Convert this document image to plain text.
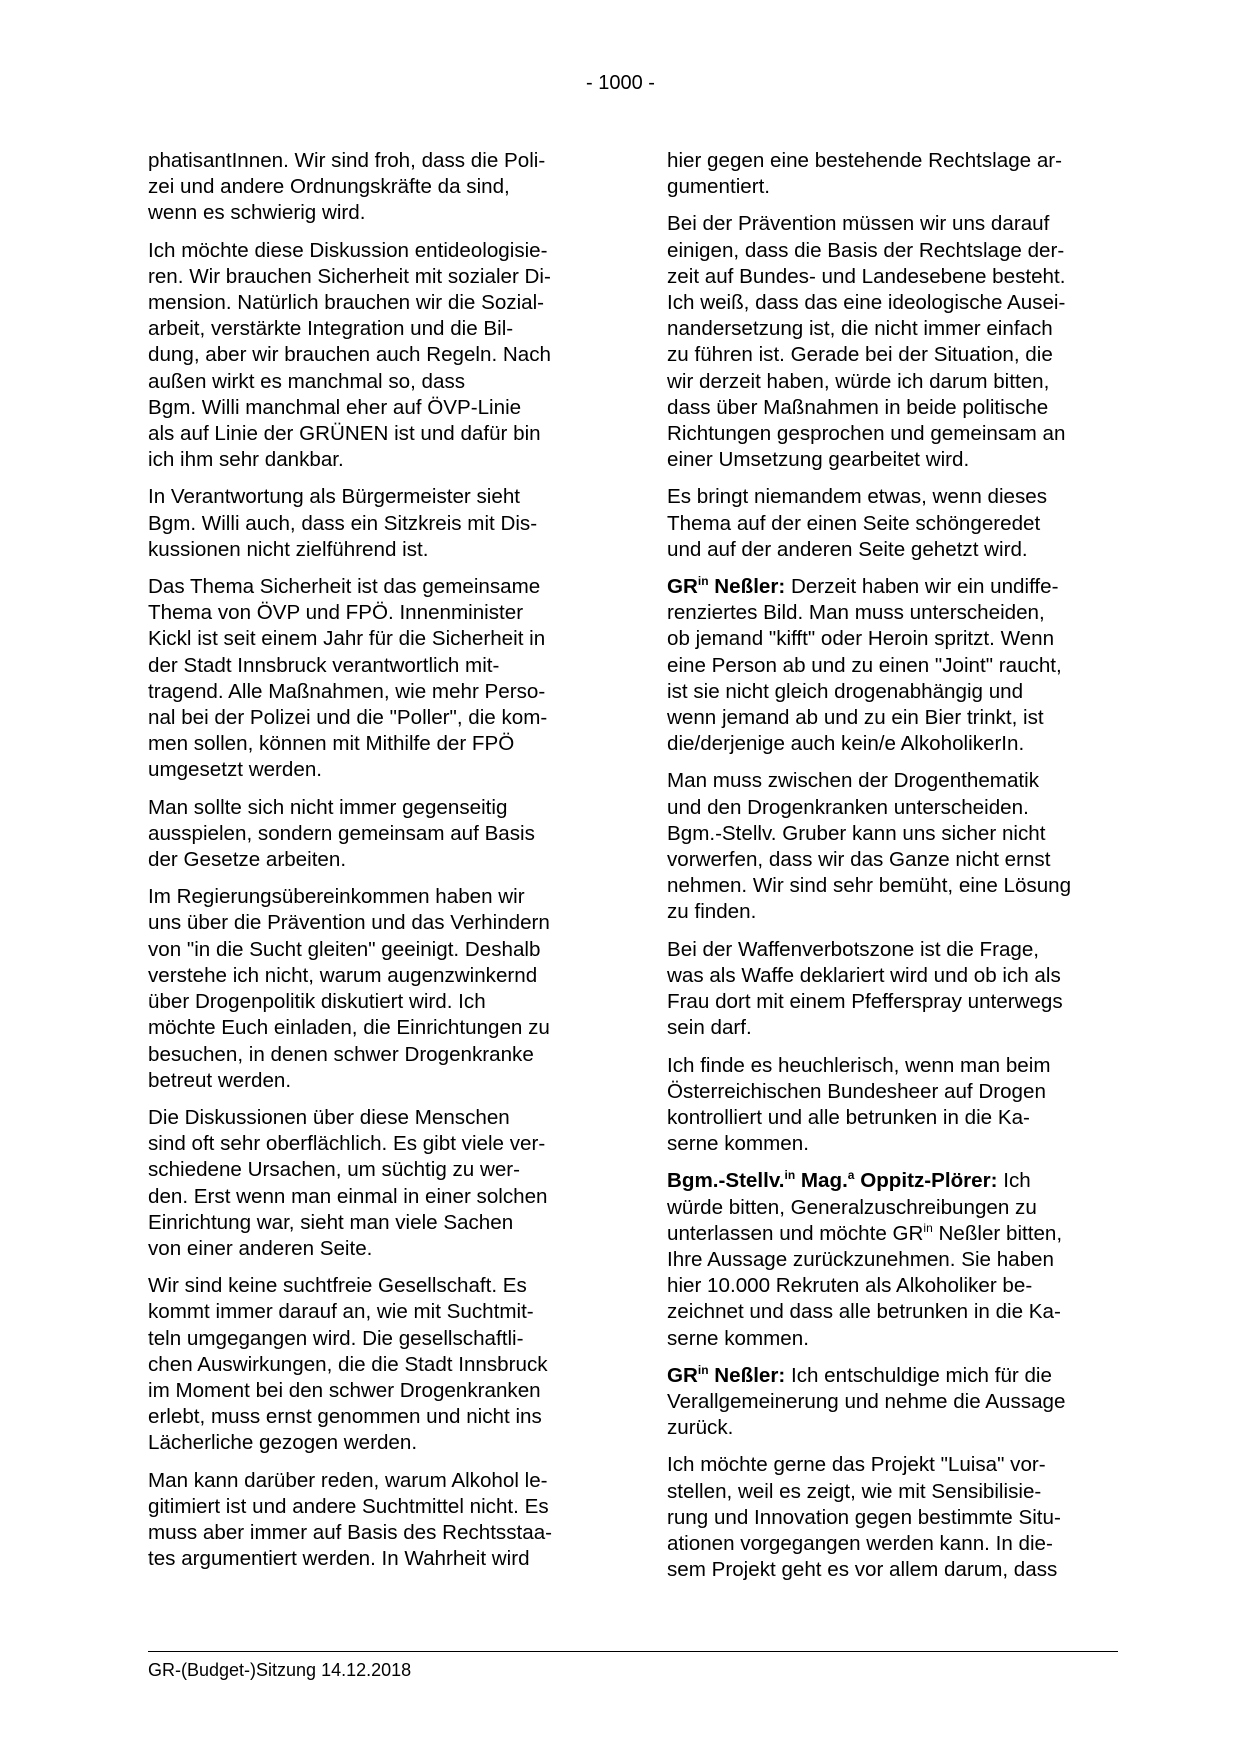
- 1000 -

phatisantInnen. Wir sind froh, dass die Poli-
zei und andere Ordnungskräfte da sind,
wenn es schwierig wird.

Ich möchte diese Diskussion entideologisie-
ren. Wir brauchen Sicherheit mit sozialer Di-
mension. Natürlich brauchen wir die Sozial-
arbeit, verstärkte Integration und die Bil-
dung, aber wir brauchen auch Regeln. Nach
außen wirkt es manchmal so, dass
Bgm. Willi manchmal eher auf ÖVP-Linie
als auf Linie der GRÜNEN ist und dafür bin
ich ihm sehr dankbar.

In Verantwortung als Bürgermeister sieht
Bgm. Willi auch, dass ein Sitzkreis mit Dis-
kussionen nicht zielführend ist.

Das Thema Sicherheit ist das gemeinsame
Thema von ÖVP und FPÖ. Innenminister
Kickl ist seit einem Jahr für die Sicherheit in
der Stadt Innsbruck verantwortlich mit-
tragend. Alle Maßnahmen, wie mehr Perso-
nal bei der Polizei und die "Poller", die kom-
men sollen, können mit Mithilfe der FPÖ
umgesetzt werden.

Man sollte sich nicht immer gegenseitig
ausspielen, sondern gemeinsam auf Basis
der Gesetze arbeiten.

Im Regierungsübereinkommen haben wir
uns über die Prävention und das Verhindern
von "in die Sucht gleiten" geeinigt. Deshalb
verstehe ich nicht, warum augenzwinkernd
über Drogenpolitik diskutiert wird. Ich
möchte Euch einladen, die Einrichtungen zu
besuchen, in denen schwer Drogenkranke
betreut werden.

Die Diskussionen über diese Menschen
sind oft sehr oberflächlich. Es gibt viele ver-
schiedene Ursachen, um süchtig zu wer-
den. Erst wenn man einmal in einer solchen
Einrichtung war, sieht man viele Sachen
von einer anderen Seite.

Wir sind keine suchtfreie Gesellschaft. Es
kommt immer darauf an, wie mit Suchtmit-
teln umgegangen wird. Die gesellschaftli-
chen Auswirkungen, die die Stadt Innsbruck
im Moment bei den schwer Drogenkranken
erlebt, muss ernst genommen und nicht ins
Lächerliche gezogen werden.

Man kann darüber reden, warum Alkohol le-
gitimiert ist und andere Suchtmittel nicht. Es
muss aber immer auf Basis des Rechtsstaa-
tes argumentiert werden. In Wahrheit wird

hier gegen eine bestehende Rechtslage ar-
gumentiert.

Bei der Prävention müssen wir uns darauf
einigen, dass die Basis der Rechtslage der-
zeit auf Bundes- und Landesebene besteht.
Ich weiß, dass das eine ideologische Ausei-
nandersetzung ist, die nicht immer einfach
zu führen ist. Gerade bei der Situation, die
wir derzeit haben, würde ich darum bitten,
dass über Maßnahmen in beide politische
Richtungen gesprochen und gemeinsam an
einer Umsetzung gearbeitet wird.

Es bringt niemandem etwas, wenn dieses
Thema auf der einen Seite schöngeredet
und auf der anderen Seite gehetzt wird.

$GR^{in}$ Neßler: Derzeit haben wir ein undiffe-
renziertes Bild. Man muss unterscheiden,
ob jemand "kifft" oder Heroin spritzt. Wenn
eine Person ab und zu einen "Joint" raucht,
ist sie nicht gleich drogenabhängig und
wenn jemand ab und zu ein Bier trinkt, ist
die/derjenige auch kein/e AlkoholikerIn.

Man muss zwischen der Drogenthematik
und den Drogenkranken unterscheiden.
Bgm.-Stellv. Gruber kann uns sicher nicht
vorwerfen, dass wir das Ganze nicht ernst
nehmen. Wir sind sehr bemüht, eine Lösung
zu finden.

Bei der Waffenverbotszone ist die Frage,
was als Waffe deklariert wird und ob ich als
Frau dort mit einem Pfefferspray unterwegs
sein darf.

Ich finde es heuchlerisch, wenn man beim
Österreichischen Bundesheer auf Drogen
kontrolliert und alle betrunken in die Ka-
serne kommen.

Bgm.-Stellv.$^{in}$ Mag.$^a$ Oppitz-Plörer: Ich
würde bitten, Generalzuschreibungen zu
unterlassen und möchte $GR^{in}$ Neßler bitten,
Ihre Aussage zurückzunehmen. Sie haben
hier 10.000 Rekruten als Alkoholiker be-
zeichnet und dass alle betrunken in die Ka-
serne kommen.

$GR^{in}$ Neßler: Ich entschuldige mich für die
Verallgemeinerung und nehme die Aussage
zurück.

Ich möchte gerne das Projekt "Luisa" vor-
stellen, weil es zeigt, wie mit Sensibilisie-
rung und Innovation gegen bestimmte Situ-
ationen vorgegangen werden kann. In die-
sem Projekt geht es vor allem darum, dass

GR-(Budget-)Sitzung 14.12.2018
